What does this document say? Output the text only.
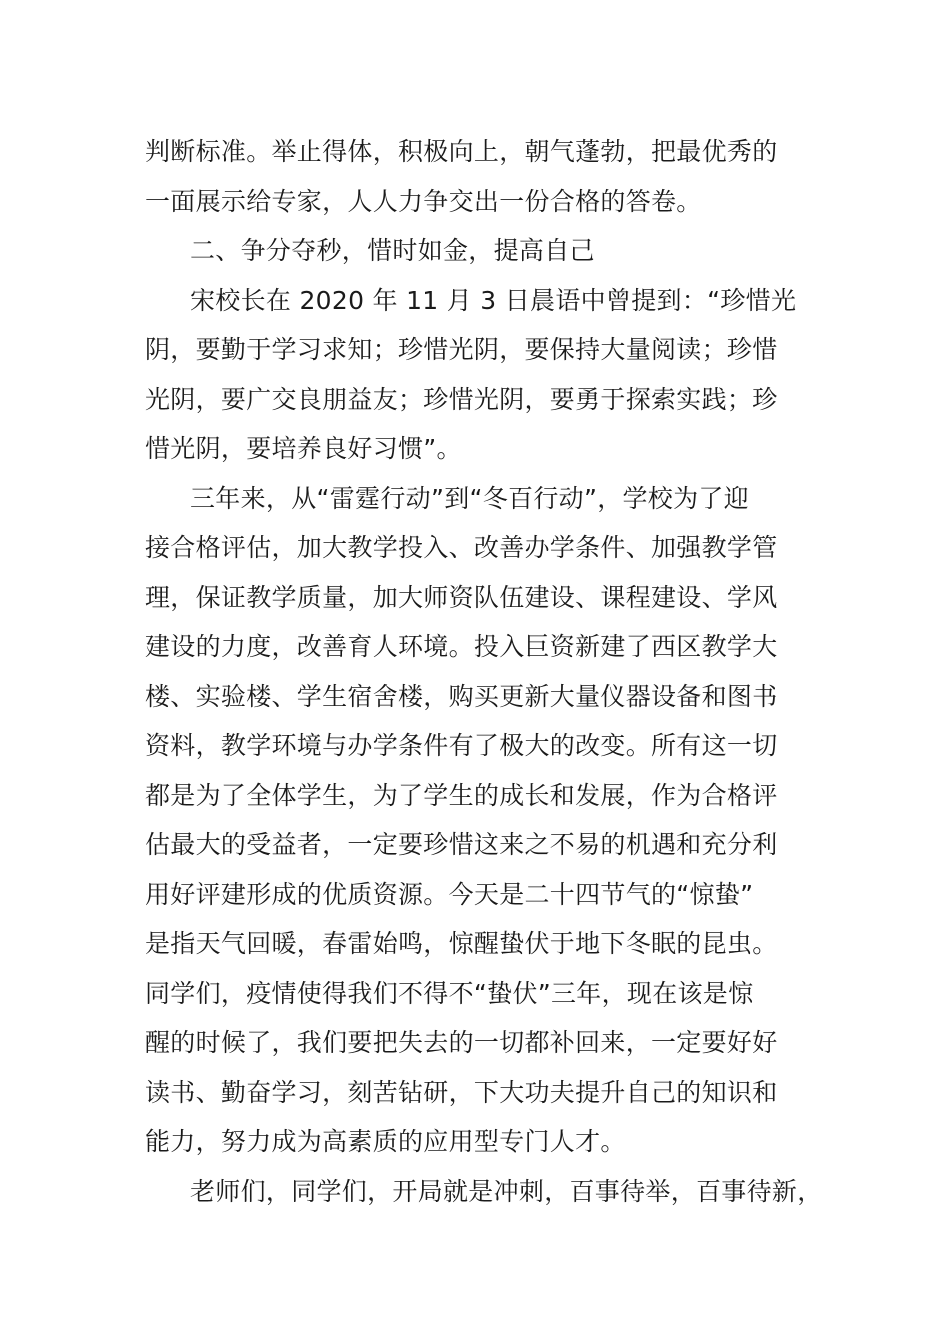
判断标准。举止得体，积极向上，朝气蓬勃，把最优秀的
一面展示给专家，人人力争交出一份合格的答卷。
二、争分夺秒，惜时如金，提高自己
宋校长在 2020 年 11 月 3 日晨语中曾提到：“珍惜光
阴，要勤于学习求知；珍惜光阴，要保持大量阅读；珍惜
光阴，要广交良朋益友；珍惜光阴，要勇于探索实践；珍
惜光阴，要培养良好习惯”。
三年来，从“雷霆行动”到“冬百行动”，学校为了迎
接合格评估，加大教学投入、改善办学条件、加强教学管
理，保证教学质量，加大师资队伍建设、课程建设、学风
建设的力度，改善育人环境。投入巨资新建了西区教学大
楼、实验楼、学生宿舍楼，购买更新大量仪器设备和图书
资料，教学环境与办学条件有了极大的改变。所有这一切
都是为了全体学生，为了学生的成长和发展，作为合格评
估最大的受益者，一定要珍惜这来之不易的机遇和充分利
用好评建形成的优质资源。今天是二十四节气的“惊蛰”
是指天气回暖，春雷始鸣，惊醒蛰伏于地下冬眠的昆虫。
同学们，疫情使得我们不得不“蛰伏”三年，现在该是惊
醒的时候了，我们要把失去的一切都补回来，一定要好好
读书、勤奋学习，刻苦钻研，下大功夫提升自己的知识和
能力，努力成为高素质的应用型专门人才。
老师们，同学们，开局就是冲刺，百事待举，百事待新，
